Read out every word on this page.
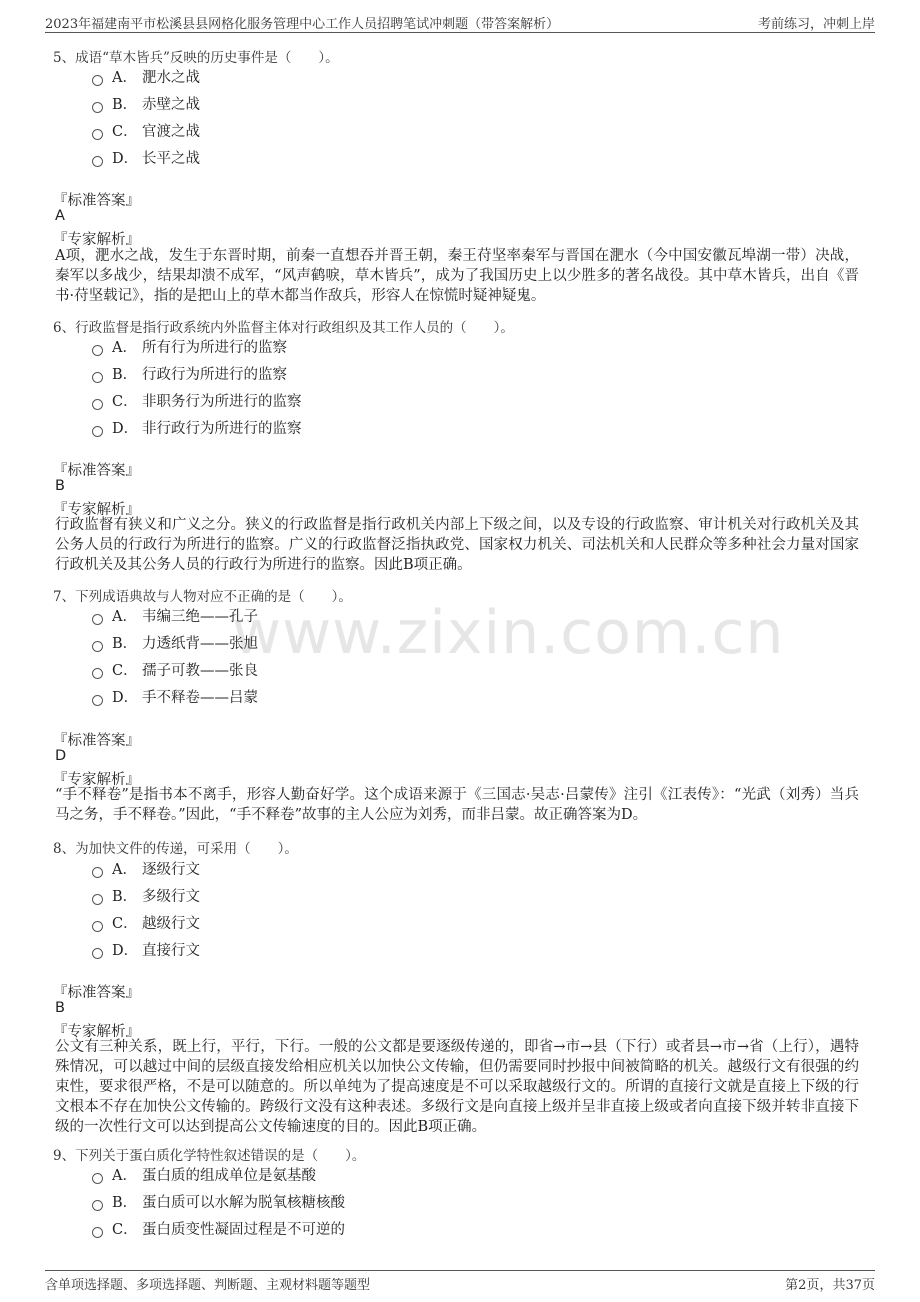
2023年福建南平市松溪县县网格化服务管理中心工作人员招聘笔试冲刺题（带答案解析）	考前练习，冲刺上岸
www.zixin.com.cn
5、成语“草木皆兵”反映的历史事件是（　　）。
A． 淝水之战
B． 赤壁之战
C． 官渡之战
D． 长平之战
『标准答案』
A
『专家解析』
A项，淝水之战，发生于东晋时期，前秦一直想吞并晋王朝，秦王苻坚率秦军与晋国在淝水（今中国安徽瓦埠湖一带）决战，秦军以多战少，结果却溃不成军，“风声鹤唳，草木皆兵”，成为了我国历史上以少胜多的著名战役。其中草木皆兵，出自《晋书·苻坚载记》，指的是把山上的草木都当作敌兵，形容人在惊慌时疑神疑鬼。
6、行政监督是指行政系统内外监督主体对行政组织及其工作人员的（　　）。
A． 所有行为所进行的监察
B． 行政行为所进行的监察
C． 非职务行为所进行的监察
D． 非行政行为所进行的监察
『标准答案』
B
『专家解析』
行政监督有狭义和广义之分。狭义的行政监督是指行政机关内部上下级之间，以及专设的行政监察、审计机关对行政机关及其公务人员的行政行为所进行的监察。广义的行政监督泛指执政党、国家权力机关、司法机关和人民群众等多种社会力量对国家行政机关及其公务人员的行政行为所进行的监察。因此B项正确。
7、下列成语典故与人物对应不正确的是（　　）。
A． 韦编三绝——孔子
B． 力透纸背——张旭
C． 孺子可教——张良
D． 手不释卷——吕蒙
『标准答案』
D
『专家解析』
“手不释卷”是指书本不离手，形容人勤奋好学。这个成语来源于《三国志·吴志·吕蒙传》注引《江表传》：“光武（刘秀）当兵马之务，手不释卷。”因此，“手不释卷”故事的主人公应为刘秀，而非吕蒙。故正确答案为D。
8、为加快文件的传递，可采用（　　）。
A． 逐级行文
B． 多级行文
C． 越级行文
D． 直接行文
『标准答案』
B
『专家解析』
公文有三种关系，既上行，平行，下行。一般的公文都是要逐级传递的，即省→市→县（下行）或者县→市→省（上行），遇特殊情况，可以越过中间的层级直接发给相应机关以加快公文传输，但仍需要同时抄报中间被简略的机关。越级行文有很强的约束性，要求很严格，不是可以随意的。所以单纯为了提高速度是不可以采取越级行文的。所谓的直接行文就是直接上下级的行文根本不存在加快公文传输的。跨级行文没有这种表述。多级行文是向直接上级并呈非直接上级或者向直接下级并转非直接下级的一次性行文可以达到提高公文传输速度的目的。因此B项正确。
9、下列关于蛋白质化学特性叙述错误的是（　　）。
A． 蛋白质的组成单位是氨基酸
B． 蛋白质可以水解为脱氧核糖核酸
C． 蛋白质变性凝固过程是不可逆的
含单项选择题、多项选择题、判断题、主观材料题等题型	第2页，共37页
